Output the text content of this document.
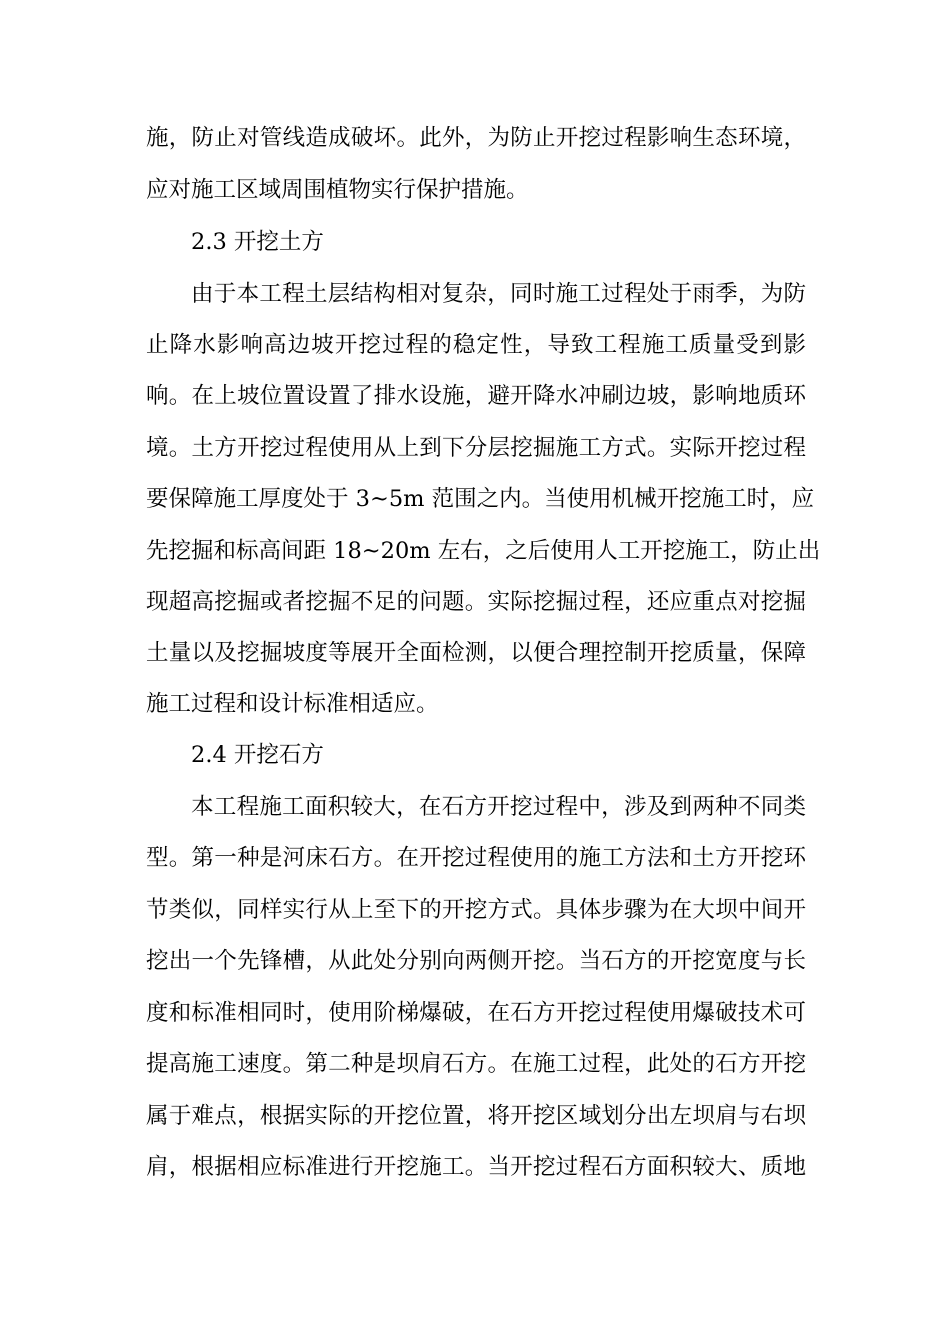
施，防止对管线造成破坏。此外，为防止开挖过程影响生态环境，
应对施工区域周围植物实行保护措施。
2.3 开挖土方
由于本工程土层结构相对复杂，同时施工过程处于雨季，为防
止降水影响高边坡开挖过程的稳定性，导致工程施工质量受到影
响。在上坡位置设置了排水设施，避开降水冲刷边坡，影响地质环
境。土方开挖过程使用从上到下分层挖掘施工方式。实际开挖过程
要保障施工厚度处于 3~5m 范围之内。当使用机械开挖施工时，应
先挖掘和标高间距 18~20m 左右，之后使用人工开挖施工，防止出
现超高挖掘或者挖掘不足的问题。实际挖掘过程，还应重点对挖掘
土量以及挖掘坡度等展开全面检测，以便合理控制开挖质量，保障
施工过程和设计标准相适应。
2.4 开挖石方
本工程施工面积较大，在石方开挖过程中，涉及到两种不同类
型。第一种是河床石方。在开挖过程使用的施工方法和土方开挖环
节类似，同样实行从上至下的开挖方式。具体步骤为在大坝中间开
挖出一个先锋槽，从此处分别向两侧开挖。当石方的开挖宽度与长
度和标准相同时，使用阶梯爆破，在石方开挖过程使用爆破技术可
提高施工速度。第二种是坝肩石方。在施工过程，此处的石方开挖
属于难点，根据实际的开挖位置，将开挖区域划分出左坝肩与右坝
肩，根据相应标准进行开挖施工。当开挖过程石方面积较大、质地
